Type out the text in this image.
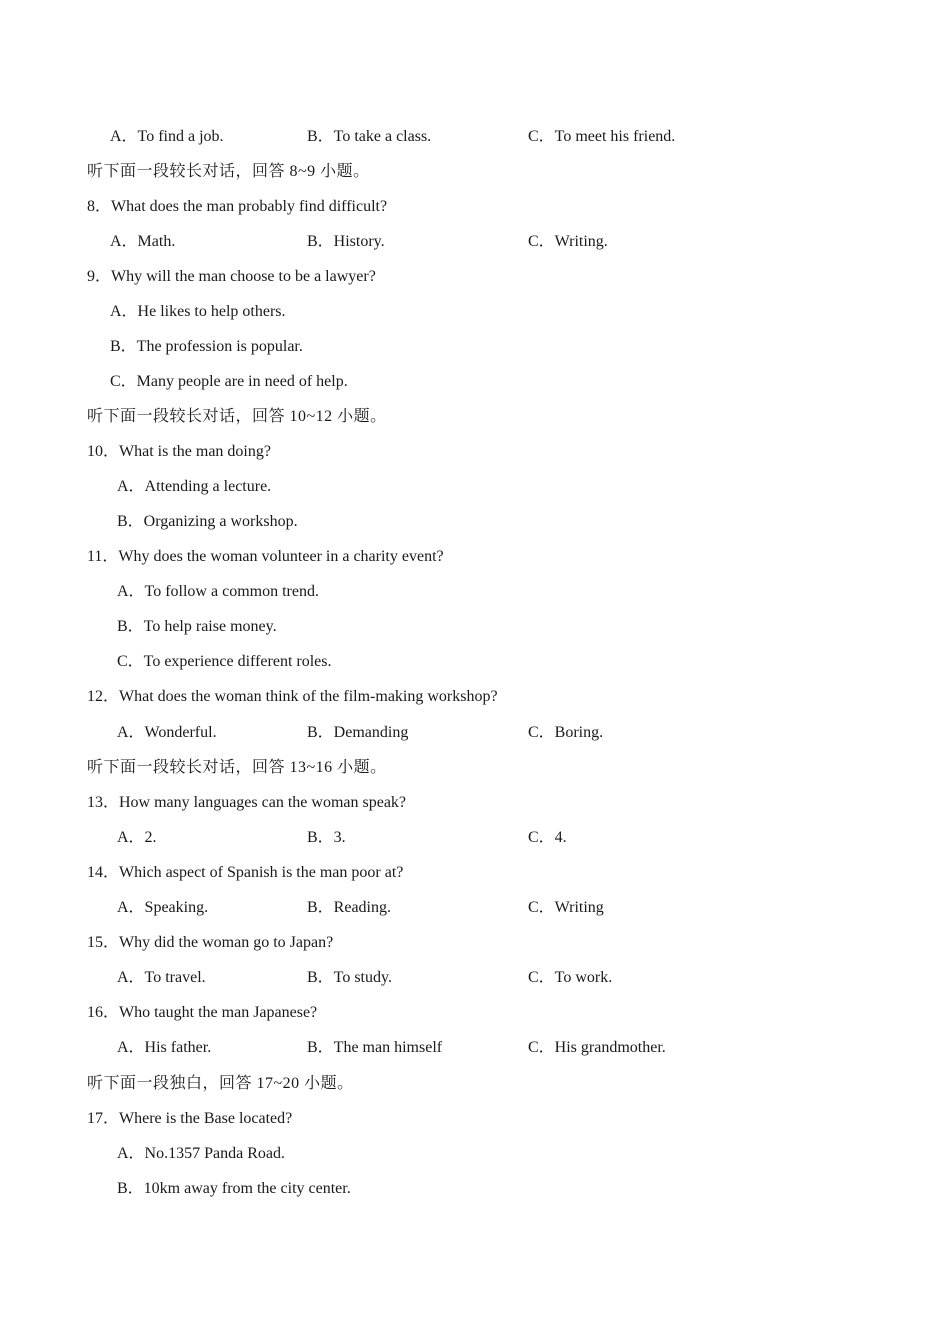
A．To find a job.	B．To take a class.	C．To meet his friend.
听下面一段较长对话，回答 8~9 小题。
8．What does the man probably find difficult?
A．Math.	B．History.	C．Writing.
9．Why will the man choose to be a lawyer?
A．He likes to help others.
B．The profession is popular.
C．Many people are in need of help.
听下面一段较长对话，回答 10~12 小题。
10．What is the man doing?
A．Attending a lecture.
B．Organizing a workshop.
11．Why does the woman volunteer in a charity event?
A．To follow a common trend.
B．To help raise money.
C．To experience different roles.
12．What does the woman think of the film-making workshop?
A．Wonderful.	B．Demanding	C．Boring.
听下面一段较长对话，回答 13~16 小题。
13．How many languages can the woman speak?
A．2.	B．3.	C．4.
14．Which aspect of Spanish is the man poor at?
A．Speaking.	B．Reading.	C．Writing
15．Why did the woman go to Japan?
A．To travel.	B．To study.	C．To work.
16．Who taught the man Japanese?
A．His father.	B．The man himself	C．His grandmother.
听下面一段独白，回答 17~20 小题。
17．Where is the Base located?
A．No.1357 Panda Road.
B．10km away from the city center.
